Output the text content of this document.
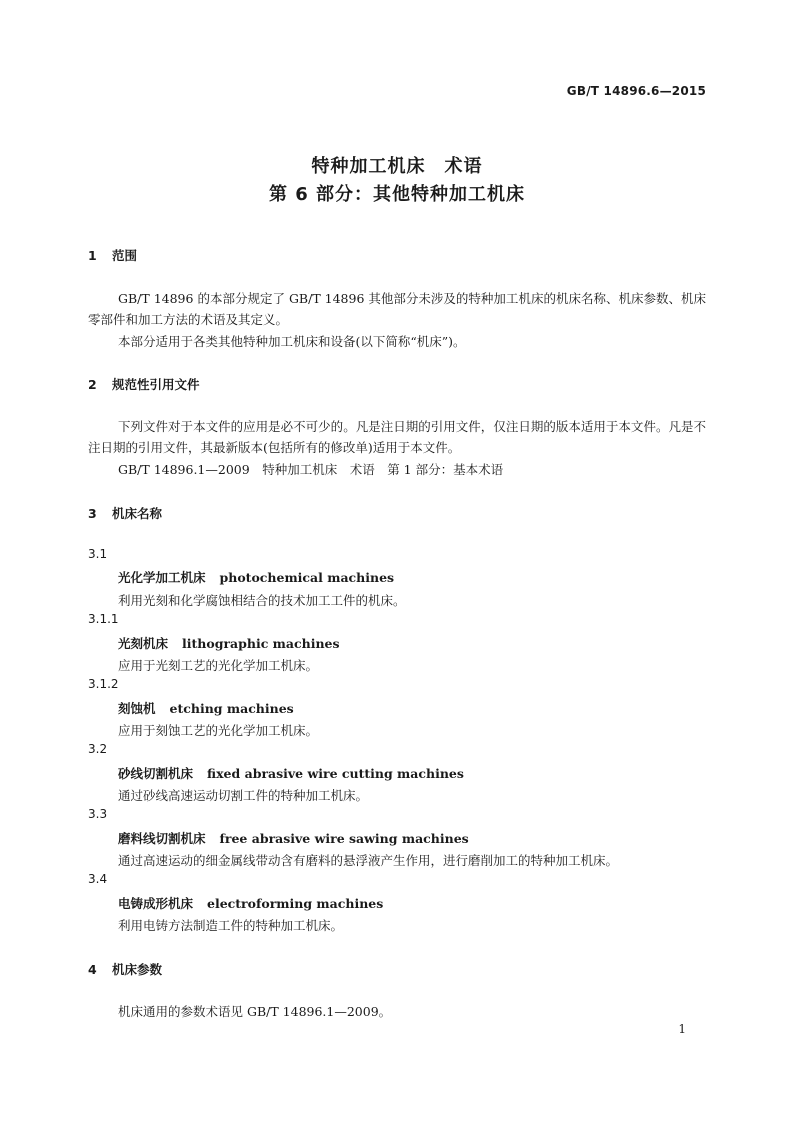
GB/T 14896.6—2015
特种加工机床　术语
第 6 部分：其他特种加工机床
1 范围
GB/T 14896 的本部分规定了 GB/T 14896 其他部分未涉及的特种加工机床的机床名称、机床参数、机床零部件和加工方法的术语及其定义。
本部分适用于各类其他特种加工机床和设备(以下简称“机床”)。
2 规范性引用文件
下列文件对于本文件的应用是必不可少的。凡是注日期的引用文件，仅注日期的版本适用于本文件。凡是不注日期的引用文件，其最新版本(包括所有的修改单)适用于本文件。
GB/T 14896.1—2009　特种加工机床　术语　第 1 部分：基本术语
3 机床名称
3.1
光化学加工机床 photochemical machines
利用光刻和化学腐蚀相结合的技术加工工件的机床。
3.1.1
光刻机床 lithographic machines
应用于光刻工艺的光化学加工机床。
3.1.2
刻蚀机 etching machines
应用于刻蚀工艺的光化学加工机床。
3.2
砂线切割机床 fixed abrasive wire cutting machines
通过砂线高速运动切割工件的特种加工机床。
3.3
磨料线切割机床 free abrasive wire sawing machines
通过高速运动的细金属线带动含有磨料的悬浮液产生作用，进行磨削加工的特种加工机床。
3.4
电铸成形机床 electroforming machines
利用电铸方法制造工件的特种加工机床。
4 机床参数
机床通用的参数术语见 GB/T 14896.1—2009。
1
